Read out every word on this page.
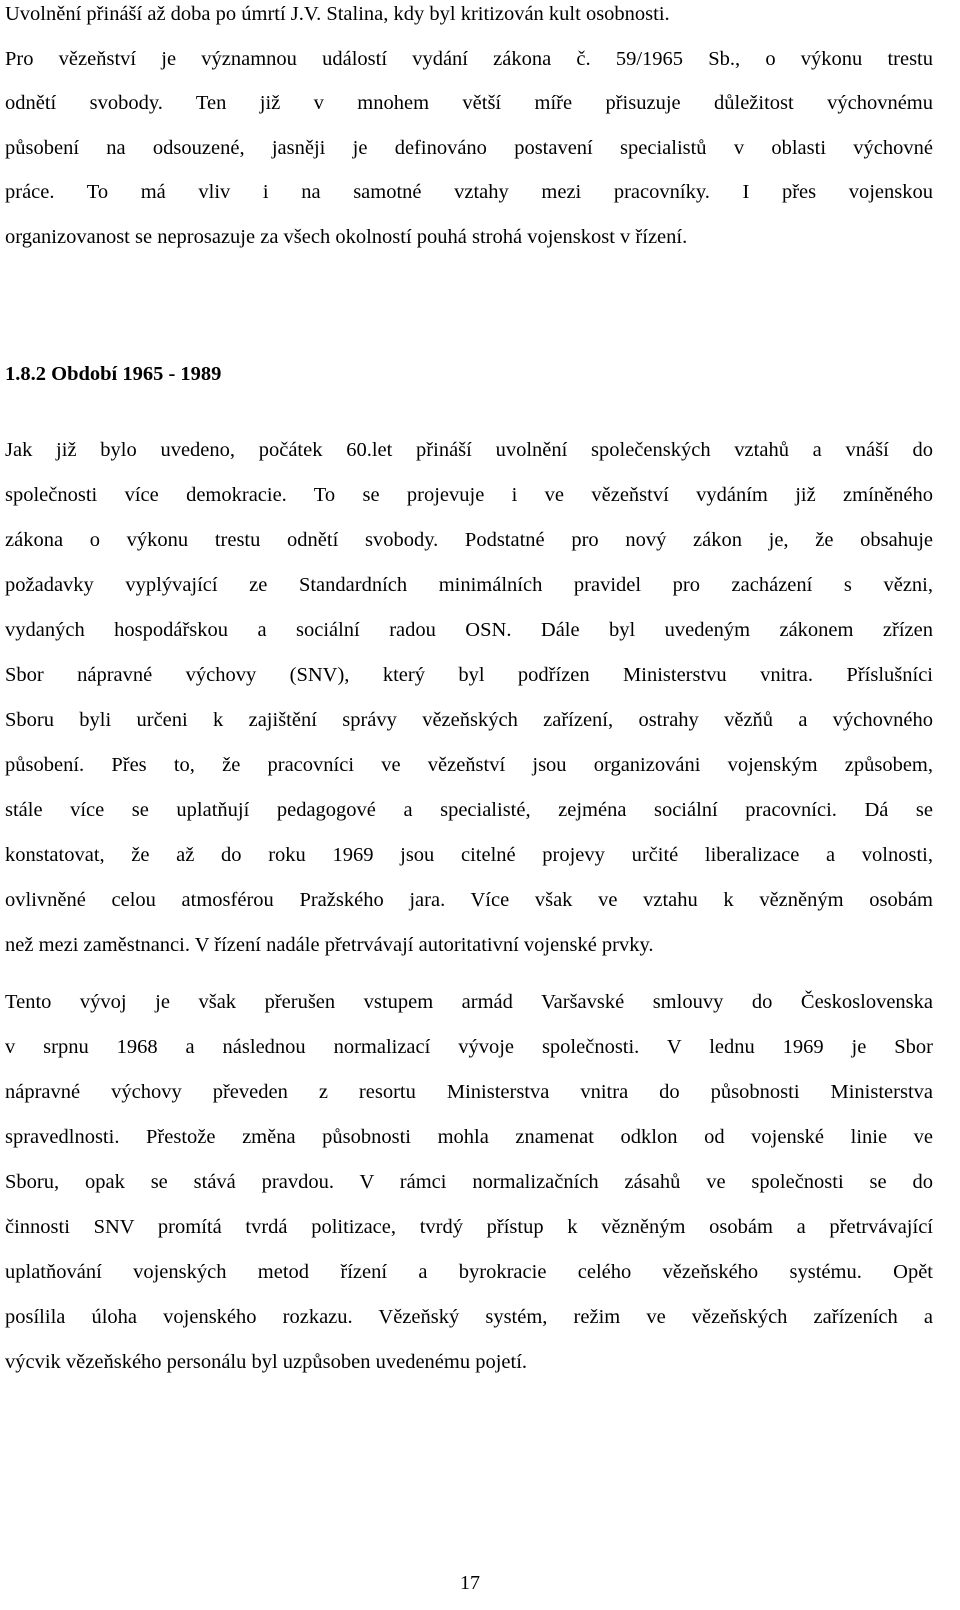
Uvolnění přináší až doba po úmrtí J.V. Stalina, kdy byl kritizován kult osobnosti.
Pro vězeňství je významnou událostí vydání zákona č. 59/1965 Sb., o výkonu trestu
odnětí svobody. Ten již v mnohem větší míře přisuzuje důležitost výchovnému
působení na odsouzené, jasněji je definováno postavení specialistů v oblasti výchovné
práce. To má vliv i na samotné vztahy mezi pracovníky. I přes vojenskou
organizovanost se neprosazuje za všech okolností pouhá strohá vojenskost v řízení.
1.8.2 Období 1965 - 1989
Jak již bylo uvedeno, počátek 60.let přináší uvolnění společenských vztahů a vnáší do
společnosti více demokracie. To se projevuje i ve vězeňství vydáním již zmíněného
zákona o výkonu trestu odnětí svobody. Podstatné pro nový zákon je, že obsahuje
požadavky vyplývající ze Standardních minimálních pravidel pro zacházení s vězni,
vydaných hospodářskou a sociální radou OSN. Dále byl uvedeným zákonem zřízen
Sbor nápravné výchovy (SNV), který byl podřízen Ministerstvu vnitra. Příslušníci
Sboru byli určeni k zajištění správy vězeňských zařízení, ostrahy vězňů a výchovného
působení. Přes to, že pracovníci ve vězeňství jsou organizováni vojenským způsobem,
stále více se uplatňují pedagogové a specialisté, zejména sociální pracovníci. Dá se
konstatovat, že až do roku 1969 jsou citelné projevy určité liberalizace a volnosti,
ovlivněné celou atmosférou Pražského jara. Více však ve vztahu k vězněným osobám
než mezi zaměstnanci. V řízení nadále přetrvávají autoritativní vojenské prvky.
Tento vývoj je však přerušen vstupem armád Varšavské smlouvy do Československa
v srpnu 1968 a následnou normalizací vývoje společnosti. V lednu 1969 je Sbor
nápravné výchovy převeden z resortu Ministerstva vnitra do působnosti Ministerstva
spravedlnosti. Přestože změna působnosti mohla znamenat odklon od vojenské linie ve
Sboru, opak se stává pravdou. V rámci normalizačních zásahů ve společnosti se do
činnosti SNV promítá tvrdá politizace, tvrdý přístup k vězněným osobám a přetrvávající
uplatňování vojenských metod řízení a byrokracie celého vězeňského systému. Opět
posílila úloha vojenského rozkazu. Vězeňský systém, režim ve vězeňských zařízeních a
výcvik vězeňského personálu byl uzpůsoben uvedenému pojetí.
17
